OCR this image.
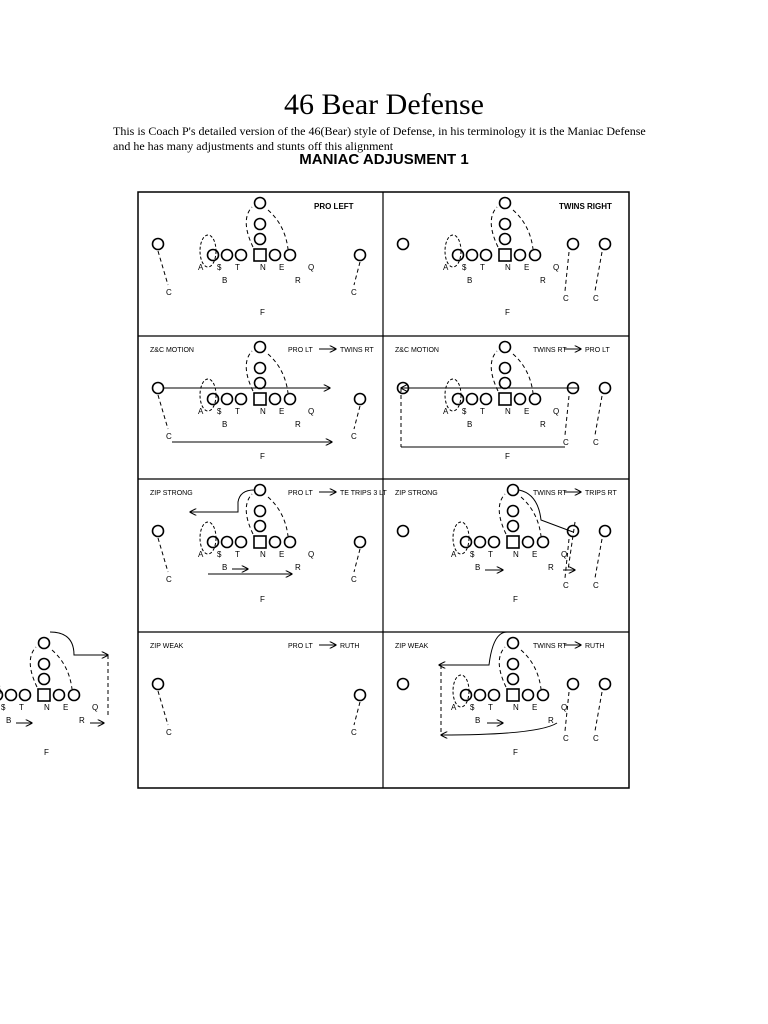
46 Bear Defense
This is Coach P's detailed version of the 46(Bear) style of Defense, in his terminology it is the Maniac Defense and he has many adjustments and stunts off this alignment
MANIAC ADJUSMENT 1
PRO LEFT
A $ T	N E	Q
B	R
C	C
F
TWINS RIGHT
A $ T	N E	Q
B	R
C	C
F
Z&C MOTION	PRO LT	TWINS RT
A $ T	N E	Q
B	R
C	C
F
Z&C MOTION	TWINS RT	PRO LT
A $ T	N E	Q
B	R
C	C
F
ZIP STRONG	PRO LT	TE TRIPS 3 LT
A $ T	N E	Q
B	R
C	C
F
ZIP STRONG	TWINS RT	TRIPS RT
A $ T	N E	Q
B	R
C	C
F
ZIP WEAK	PRO LT	RUTH
$ T	N E	Q
B	R
C	C
F
ZIP WEAK	TWINS RT	RUTH
A $ T	N E	Q
B	R
C	C
F
